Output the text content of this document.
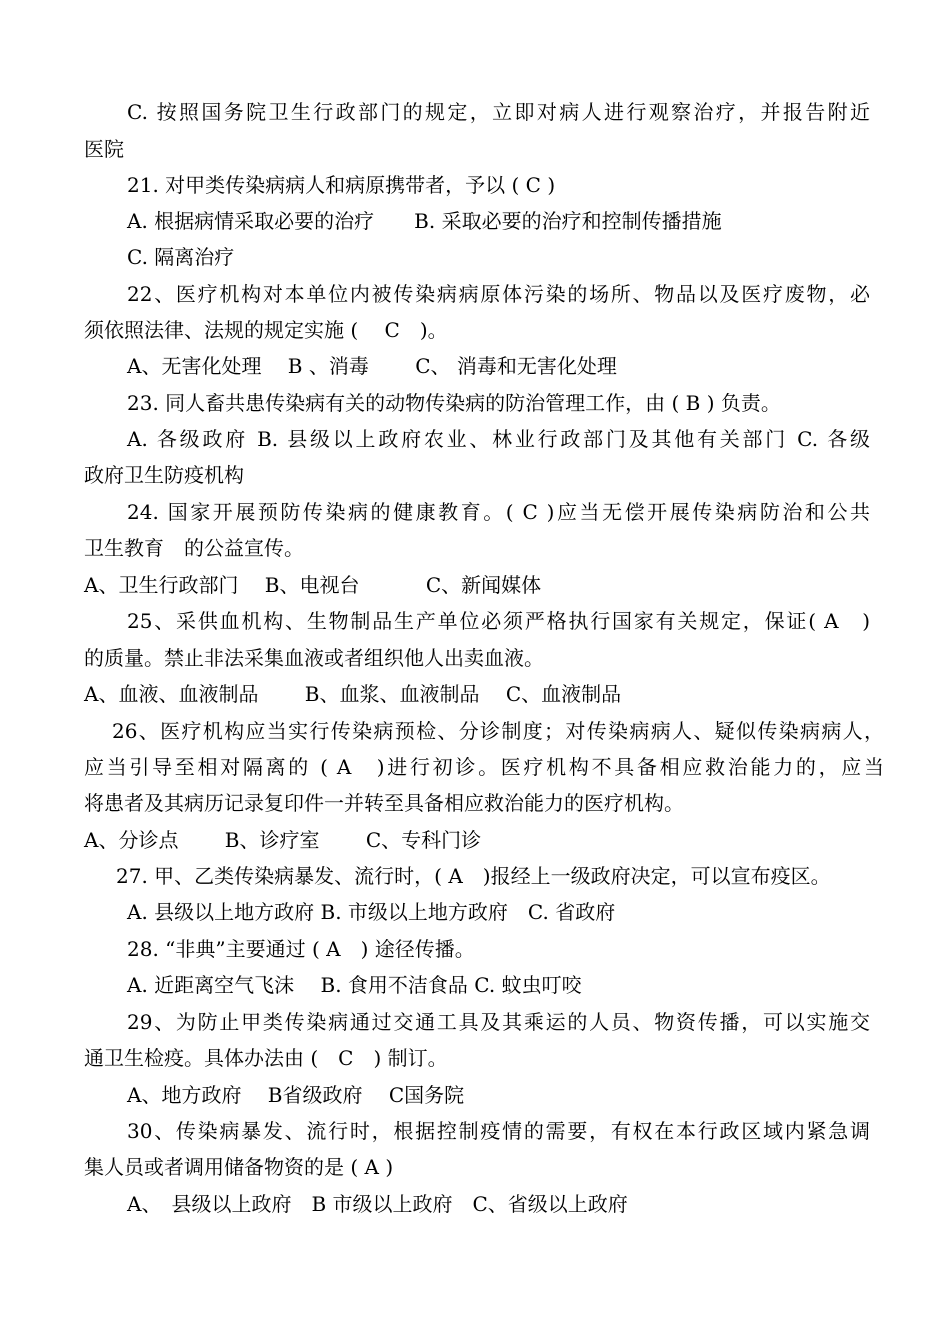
C. 按照国务院卫生行政部门的规定，立即对病人进行观察治疗，并报告附近
医院
21. 对甲类传染病病人和病原携带者，予以 ( C )
A. 根据病情采取必要的治疗　　B. 采取必要的治疗和控制传播措施
C. 隔离治疗
22、医疗机构对本单位内被传染病病原体污染的场所、物品以及医疗废物，必
须依照法律、法规的规定实施 (　 C　)。
A、无害化处理　 B 、消毒　　 C、 消毒和无害化处理
23. 同人畜共患传染病有关的动物传染病的防治管理工作，由 ( B ) 负责。
A. 各级政府 B. 县级以上政府农业、林业行政部门及其他有关部门 C. 各级
政府卫生防疫机构
24. 国家开展预防传染病的健康教育。( C )应当无偿开展传染病防治和公共
卫生教育　的公益宣传。
A、卫生行政部门　 B、电视台　　　 C、新闻媒体
25、采供血机构、生物制品生产单位必须严格执行国家有关规定，保证( A　)
的质量。禁止非法采集血液或者组织他人出卖血液。
A、血液、血液制品　　 B、血浆、血液制品　 C、血液制品
26、医疗机构应当实行传染病预检、分诊制度；对传染病病人、疑似传染病病人，
应当引导至相对隔离的 ( A　)进行初诊。医疗机构不具备相应救治能力的，应当
将患者及其病历记录复印件一并转至具备相应救治能力的医疗机构。
A、分诊点　　 B、诊疗室　　 C、专科门诊
27. 甲、乙类传染病暴发、流行时，( A　)报经上一级政府决定，可以宣布疫区。
A. 县级以上地方政府 B. 市级以上地方政府　C. 省政府
28. “非典”主要通过 ( A　) 途径传播。
A. 近距离空气飞沫　 B. 食用不洁食品 C. 蚊虫叮咬
29、为防止甲类传染病通过交通工具及其乘运的人员、物资传播，可以实施交
通卫生检疫。具体办法由 (　C　) 制订。
A、地方政府　 B省级政府　 C国务院
30、传染病暴发、流行时，根据控制疫情的需要，有权在本行政区域内紧急调
集人员或者调用储备物资的是 ( A )
A、　县级以上政府　B 市级以上政府　C、省级以上政府
